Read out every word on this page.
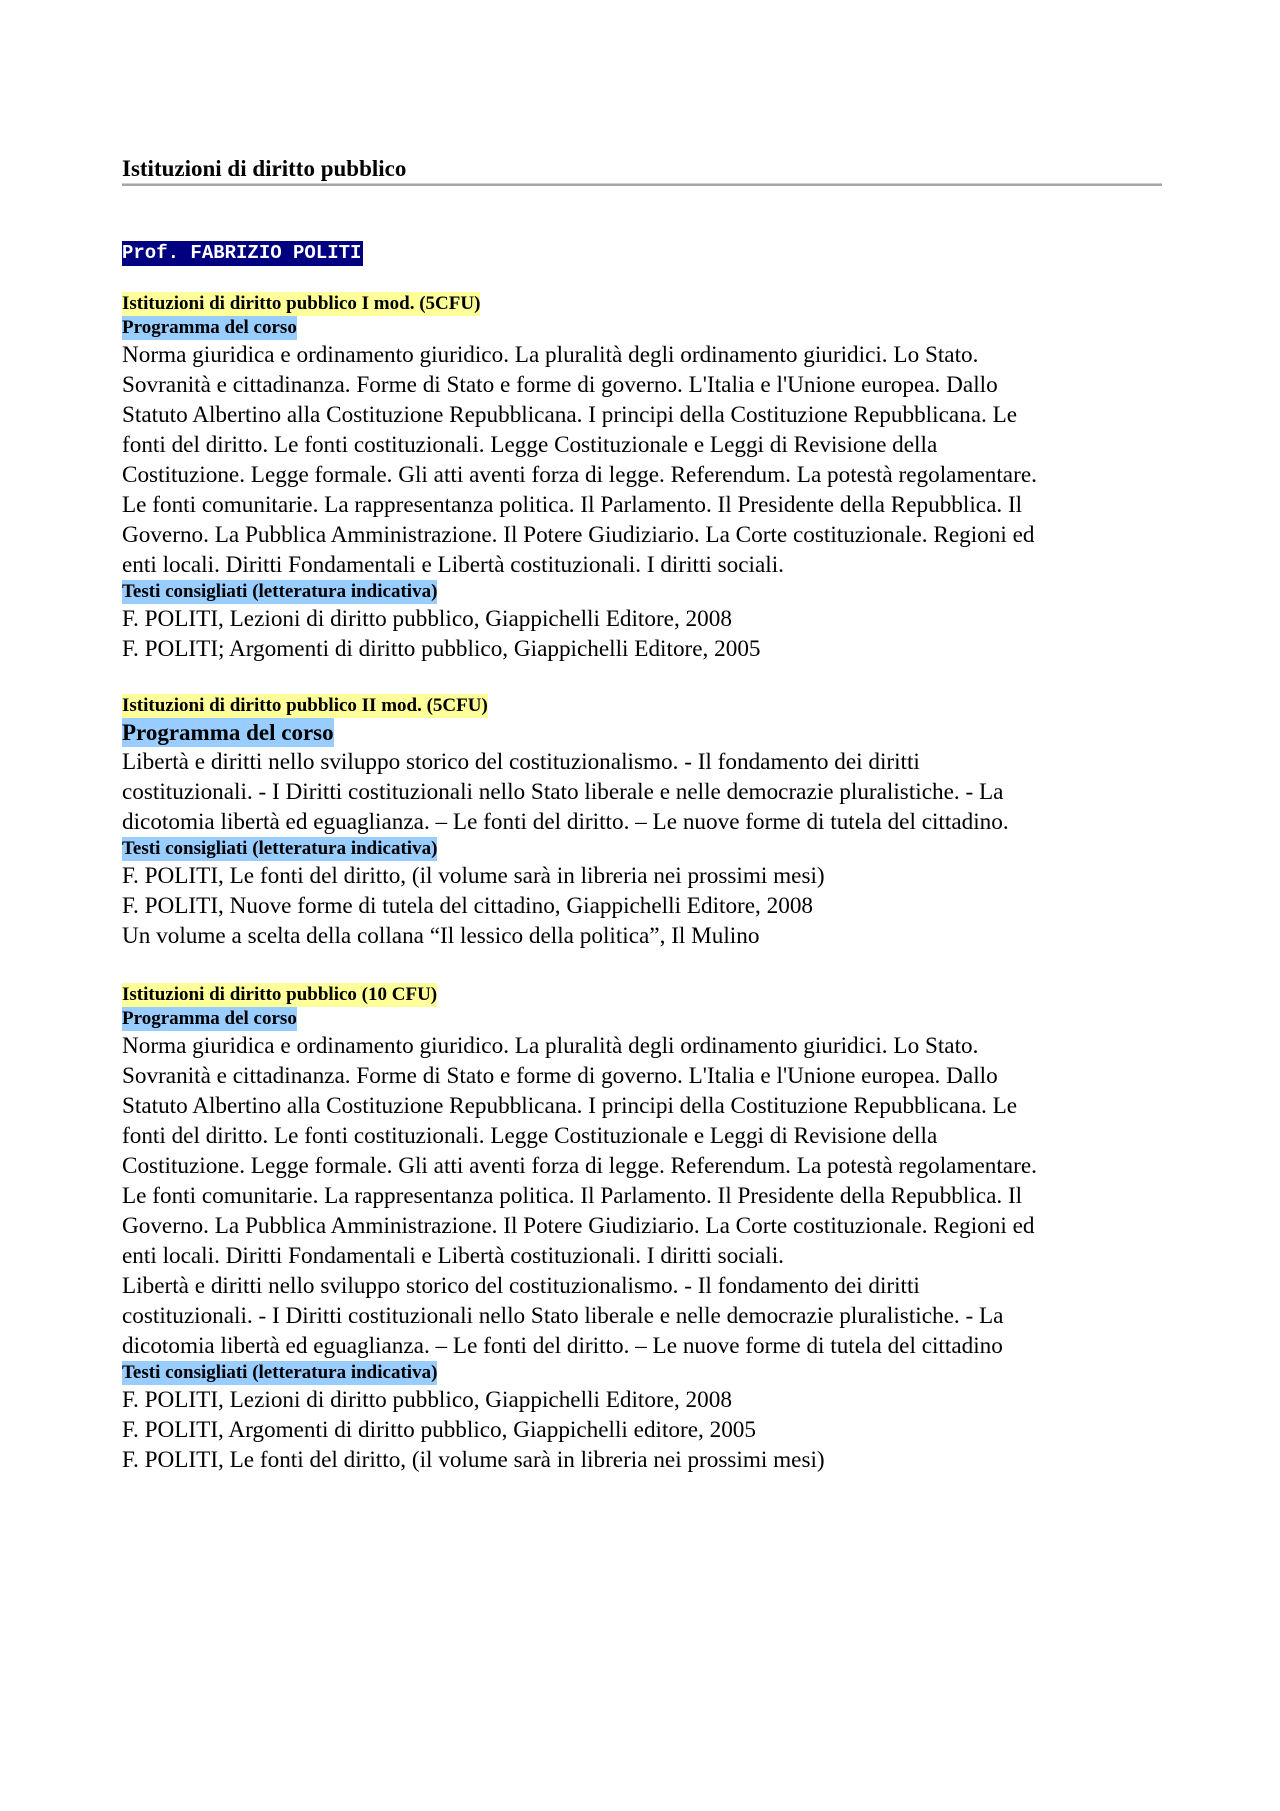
Istituzioni di diritto pubblico
Prof. FABRIZIO POLITI
Istituzioni di diritto pubblico I mod. (5CFU)
Programma del corso

Norma giuridica e ordinamento giuridico. La pluralità degli ordinamento giuridici. Lo Stato.

Sovranità e cittadinanza. Forme di Stato e forme di governo. L'Italia e l'Unione europea. Dallo

Statuto Albertino alla Costituzione Repubblicana. I principi della Costituzione Repubblicana. Le

fonti del diritto. Le fonti costituzionali. Legge Costituzionale e Leggi di Revisione della

Costituzione. Legge formale. Gli atti aventi forza di legge. Referendum. La potestà regolamentare.

Le fonti comunitarie. La rappresentanza politica. Il Parlamento. Il Presidente della Repubblica. Il

Governo. La Pubblica Amministrazione. Il Potere Giudiziario. La Corte costituzionale. Regioni ed

enti locali. Diritti Fondamentali e Libertà costituzionali. I diritti sociali.

Testi consigliati (letteratura indicativa)

F. POLITI, Lezioni di diritto pubblico, Giappichelli Editore, 2008

F. POLITI; Argomenti di diritto pubblico, Giappichelli Editore, 2005

Istituzioni di diritto pubblico II mod. (5CFU)
Programma del corso

Libertà e diritti nello sviluppo storico del costituzionalismo. - Il fondamento dei diritti

costituzionali. - I Diritti costituzionali nello Stato liberale e nelle democrazie pluralistiche. - La

dicotomia libertà ed eguaglianza. – Le fonti del diritto. – Le nuove forme di tutela del cittadino.

Testi consigliati (letteratura indicativa)

F. POLITI, Le fonti del diritto, (il volume sarà in libreria nei prossimi mesi)

F. POLITI, Nuove forme di tutela del cittadino, Giappichelli Editore, 2008

Un volume a scelta della collana “Il lessico della politica”, Il Mulino

Istituzioni di diritto pubblico (10 CFU)
Programma del corso

Norma giuridica e ordinamento giuridico. La pluralità degli ordinamento giuridici. Lo Stato.

Sovranità e cittadinanza. Forme di Stato e forme di governo. L'Italia e l'Unione europea. Dallo

Statuto Albertino alla Costituzione Repubblicana. I principi della Costituzione Repubblicana. Le

fonti del diritto. Le fonti costituzionali. Legge Costituzionale e Leggi di Revisione della

Costituzione. Legge formale. Gli atti aventi forza di legge. Referendum. La potestà regolamentare.

Le fonti comunitarie. La rappresentanza politica. Il Parlamento. Il Presidente della Repubblica. Il

Governo. La Pubblica Amministrazione. Il Potere Giudiziario. La Corte costituzionale. Regioni ed

enti locali. Diritti Fondamentali e Libertà costituzionali. I diritti sociali.

Libertà e diritti nello sviluppo storico del costituzionalismo. - Il fondamento dei diritti

costituzionali. - I Diritti costituzionali nello Stato liberale e nelle democrazie pluralistiche. - La

dicotomia libertà ed eguaglianza. – Le fonti del diritto. – Le nuove forme di tutela del cittadino

Testi consigliati (letteratura indicativa)

F. POLITI, Lezioni di diritto pubblico, Giappichelli Editore, 2008

F. POLITI, Argomenti di diritto pubblico, Giappichelli editore, 2005

F. POLITI, Le fonti del diritto, (il volume sarà in libreria nei prossimi mesi)
